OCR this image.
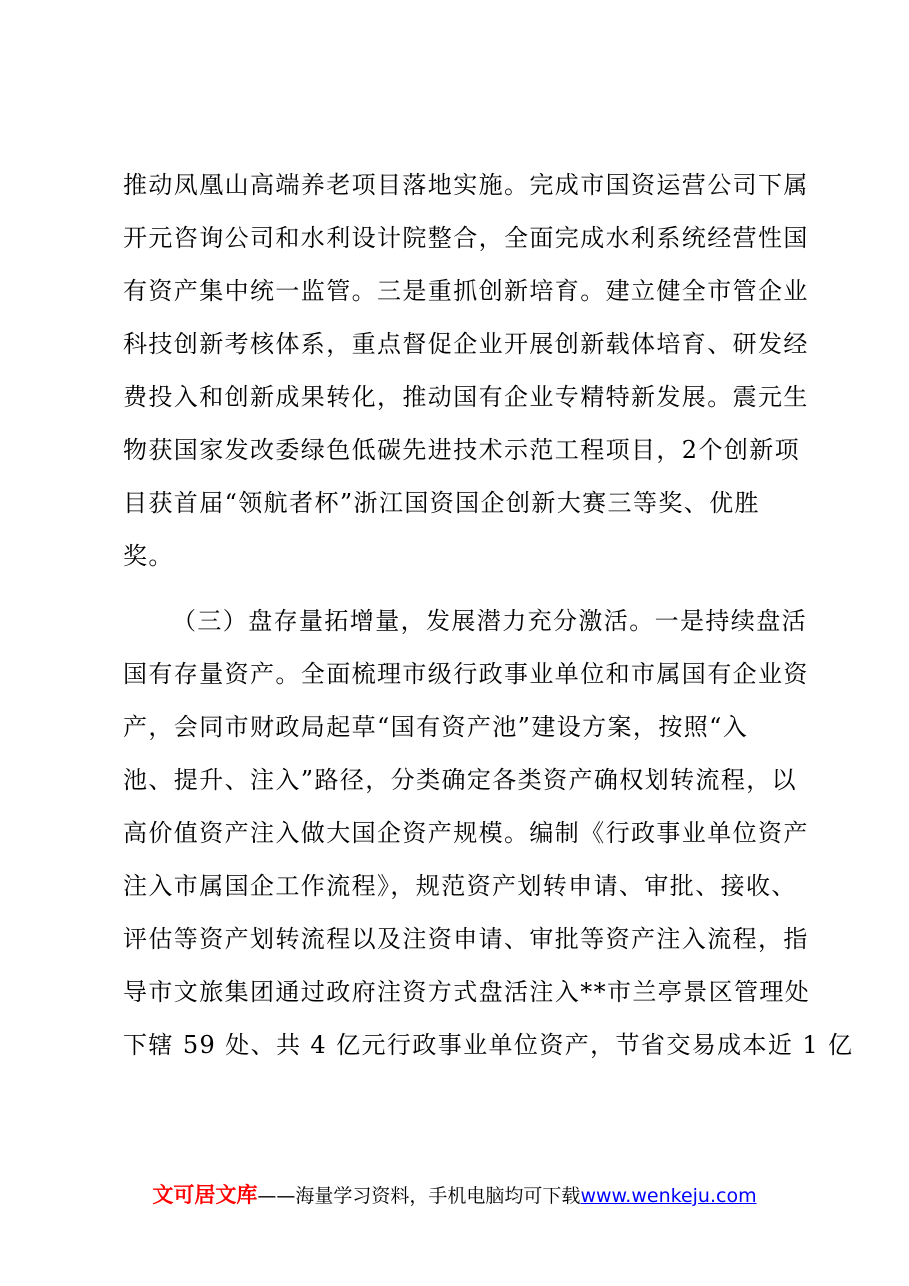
推动凤凰山高端养老项目落地实施。完成市国资运营公司下属
开元咨询公司和水利设计院整合，全面完成水利系统经营性国
有资产集中统一监管。三是重抓创新培育。建立健全市管企业
科技创新考核体系，重点督促企业开展创新载体培育、研发经
费投入和创新成果转化，推动国有企业专精特新发展。震元生
物获国家发改委绿色低碳先进技术示范工程项目，2个创新项
目获首届“领航者杯”浙江国资国企创新大赛三等奖、优胜
奖。
（三）盘存量拓增量，发展潜力充分激活。一是持续盘活
国有存量资产。全面梳理市级行政事业单位和市属国有企业资
产，会同市财政局起草“国有资产池”建设方案，按照“入
池、提升、注入”路径，分类确定各类资产确权划转流程，以
高价值资产注入做大国企资产规模。编制《行政事业单位资产
注入市属国企工作流程》，规范资产划转申请、审批、接收、
评估等资产划转流程以及注资申请、审批等资产注入流程，指
导市文旅集团通过政府注资方式盘活注入**市兰亭景区管理处
下辖 59 处、共 4 亿元行政事业单位资产，节省交易成本近 1 亿
文可居文库——海量学习资料，手机电脑均可下载www.wenkeju.com
